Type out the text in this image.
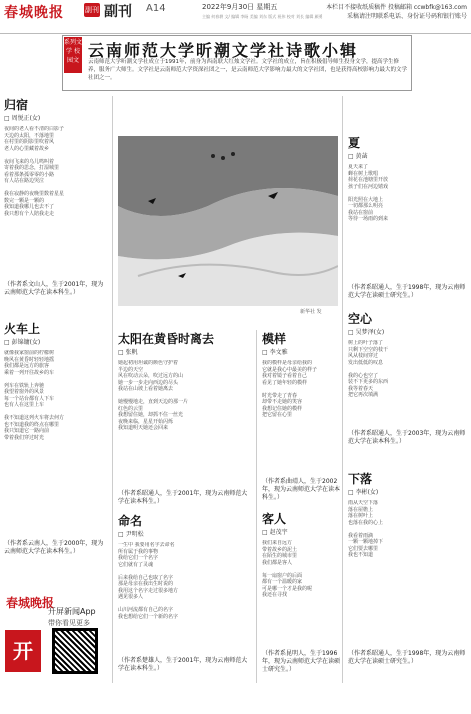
春城晚报	副刊 副刊 A14	2022年9月30日 星期五
主编 何春耕 文/ 编辑 李旸 美编 刘东 版式 祝伟 校对 刘长 编辑 颜勇
本栏目不接收纸质稿件 投稿邮箱 ccwbfk@163.com
采稿请注明联系电话、身份证号码和银行账号
系列文学 校园文
云南师范大学昕潮文学社诗歌小辑
云南师范大学昕潮文学社成立于1991年，前身为西南联大红烛文学社。文学社的成立，旨在积极倡导师生投身文学，提高学生修养，服务广大师生。文学社是云南师范大学资深社团之一，是云南师范大学影响力最大的文学社团，也是获得高校影响力最大的文学社团之一。
归宿
□ 周悦正(女)
夜间的老人看不清的白影子
天边的太阳，不落地里
在村里的阴影里吹着风
老人的心里藏着故乡

夜间飞来的乌儿鸣叫着
寄着我的思念，打湿城里
看着那条孤零零的小路
有人站在路边哭泣

我在寂静的夜晚里数着星星
数完一颗是一颗的
我知道我哪儿也去不了
我只想有个人陪我走走
（作者系文山人，生于2001年，现为云南师范大学在读本科生。）
火车上
□ 彭锦镛(女)
就像我家窗前的柠檬树
晚风在黄昏时轻轻地摇
我们都是远方的旅客
乘着一列开往故乡的车

列车在铁轨上奔驰
我望着窗外的风景
每一个站台都有人下车
也有人在这里上车

我不知道这列火车将去何方
也不知道我的终点在哪里
我只知道它一路向前
带着我们穿过时光
（作者系云南人，生于2000年，现为云南师范大学在读本科生。）
新华社 发
太阳在黄昏时离去
□ 张帆
她起初用坦诚的颜色守护着
半边的天空
风在吹动云朵，吹过远方的山
她一步一步走向西边的尽头
我站在山坡上看着她离去

她慢慢地走，直到天边的那一片
红色的云里
我想留住她，却抓不住一丝光
夜晚来临，星星开始闪烁
我知道明天她还会回来
（作者系昭通人，生于2001年，现为云南师范大学在读本科生。）
命名
□ 尹明松
一生中 我要用名字去命名
所有属于我的事物
我给它们一个名字
它们就有了灵魂

后来我给自己也取了名字
那是母亲在我出生时说的
我用这个名字走过很多地方
遇见很多人

山川河流都有自己的名字
我也想给它们一个新的名字
（作者系楚雄人，生于2001年，现为云南师范大学在读本科生。）
模样
□ 李文雅
我的模样是母亲给我的
它就是我心中最美的样子
我对着镜子看着自己
看见了她年轻的模样

时光带走了青春
却带不走她的笑容
我想记住她的模样
把它留在心里
（作者系曲靖人，生于2002年，现为云南师范大学在读本科生。）
客人
□ 赵茂宇
我们来自远方
带着故乡的泥土
在陌生的城市里
我们都是客人

每一扇窗户的后面
都有一个温暖的家
可是哪一个才是我的呢
我还在寻找
（作者系昆明人，生于1996年，现为云南师范大学在读硕士研究生。）
夏
□ 黄菡
夏天来了
蝉在树上歌唱
荷花在池塘里开放
孩子们在河边嬉戏

阳光照在大地上
一切都那么明亮
我站在窗前
等待一场雨的到来
（作者系昭通人，生于1998年，现为云南师范大学在读硕士研究生。）
空心
□ 吴梦泽(女)
树上的叶子落了
只剩下空空的枝干
风从枝间穿过
发出低低的叹息

我的心也空了
装不下更多的东西
我等着春天
把它再次填满
（作者系昭通人，生于2003年，现为云南师范大学在读本科生。）
下落
□ 李彬(女)
雨从天空下落
落在屋檐上
落在树叶上
也落在我的心上

我看着雨滴
一颗一颗地掉下
它们要去哪里
我也不知道
（作者系昭通人，生于1998年，现为云南师范大学在读硕士研究生。）
春城晚报
开屏新闻App
带你看见更多
开屏
